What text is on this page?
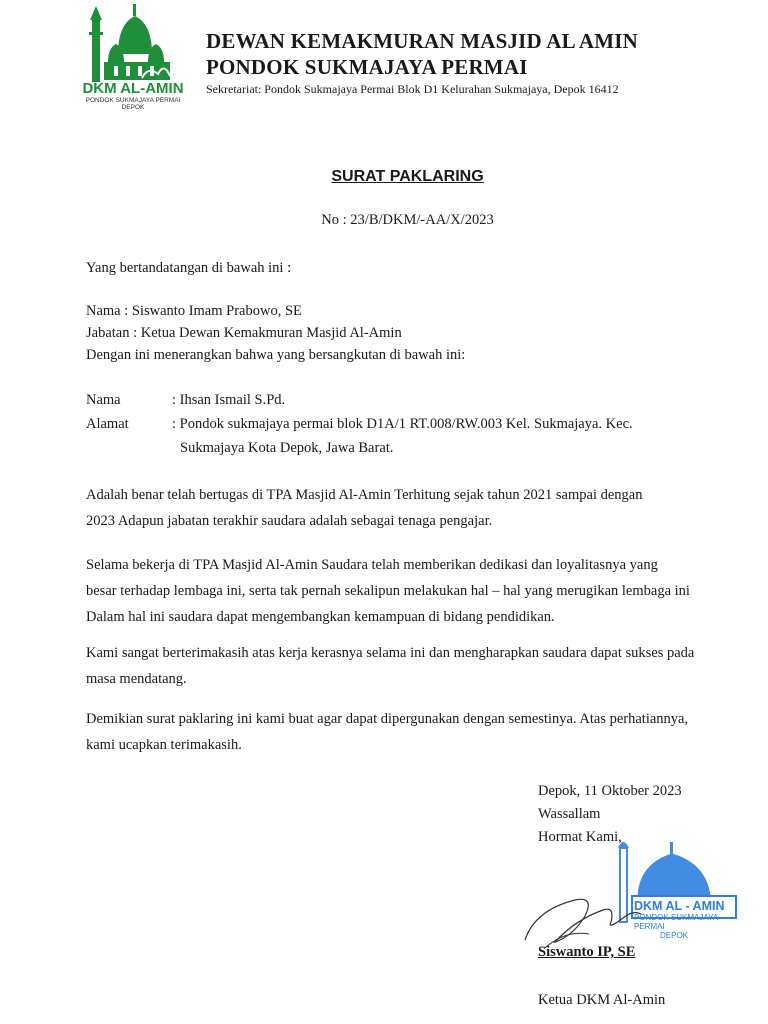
DKM AL-AMIN
PONDOK SUKMAJAYA PERMAI
DEPOK
DEWAN KEMAKMURAN MASJID AL AMIN
PONDOK SUKMAJAYA PERMAI
Sekretariat: Pondok Sukmajaya Permai Blok D1 Kelurahan Sukmajaya, Depok 16412
SURAT PAKLARING
No : 23/B/DKM/-AA/X/2023
Yang bertandatangan di bawah ini :
Nama : Siswanto Imam Prabowo, SE
Jabatan : Ketua Dewan Kemakmuran Masjid Al-Amin
Dengan ini menerangkan bahwa yang bersangkutan di bawah ini:
Nama	: Ihsan Ismail S.Pd.
Alamat	: Pondok sukmajaya permai blok D1A/1 RT.008/RW.003 Kel. Sukmajaya. Kec.
Sukmajaya Kota Depok, Jawa Barat.
Adalah benar telah bertugas di TPA Masjid Al-Amin Terhitung sejak tahun 2021 sampai dengan
2023 Adapun jabatan terakhir saudara adalah sebagai tenaga pengajar.
Selama bekerja di TPA Masjid Al-Amin Saudara telah memberikan dedikasi dan loyalitasnya yang
besar terhadap lembaga ini, serta tak pernah sekalipun melakukan hal – hal yang merugikan lembaga ini
Dalam hal ini saudara dapat mengembangkan kemampuan di bidang pendidikan.
Kami sangat berterimakasih atas kerja kerasnya selama ini dan mengharapkan saudara dapat sukses pada
masa mendatang.
Demikian surat paklaring ini kami buat agar dapat dipergunakan dengan semestinya. Atas perhatiannya,
kami ucapkan terimakasih.
Depok, 11 Oktober 2023
Wassallam
Hormat Kami,
DKM AL - AMIN
PONDOK SUKMAJAYA PERMAI
DEPOK
Siswanto IP, SE
Ketua DKM Al-Amin
